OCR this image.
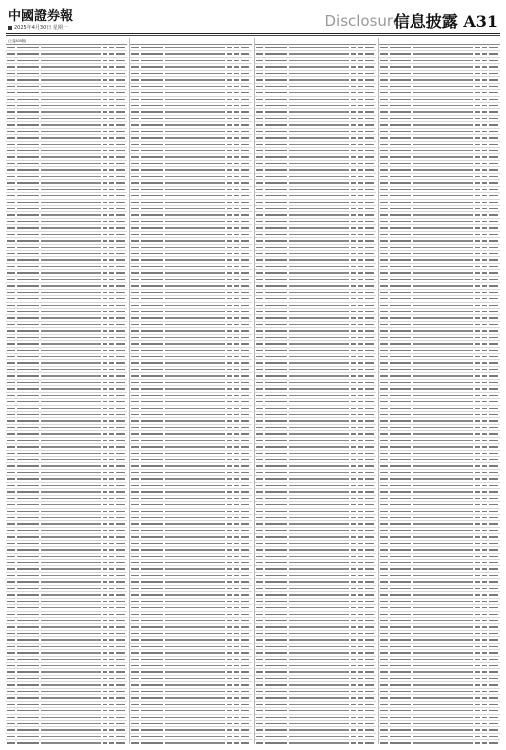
中國證券報
2025年4月30日 星期一	Disclosure
信息披露 A31
(上接A30版)
